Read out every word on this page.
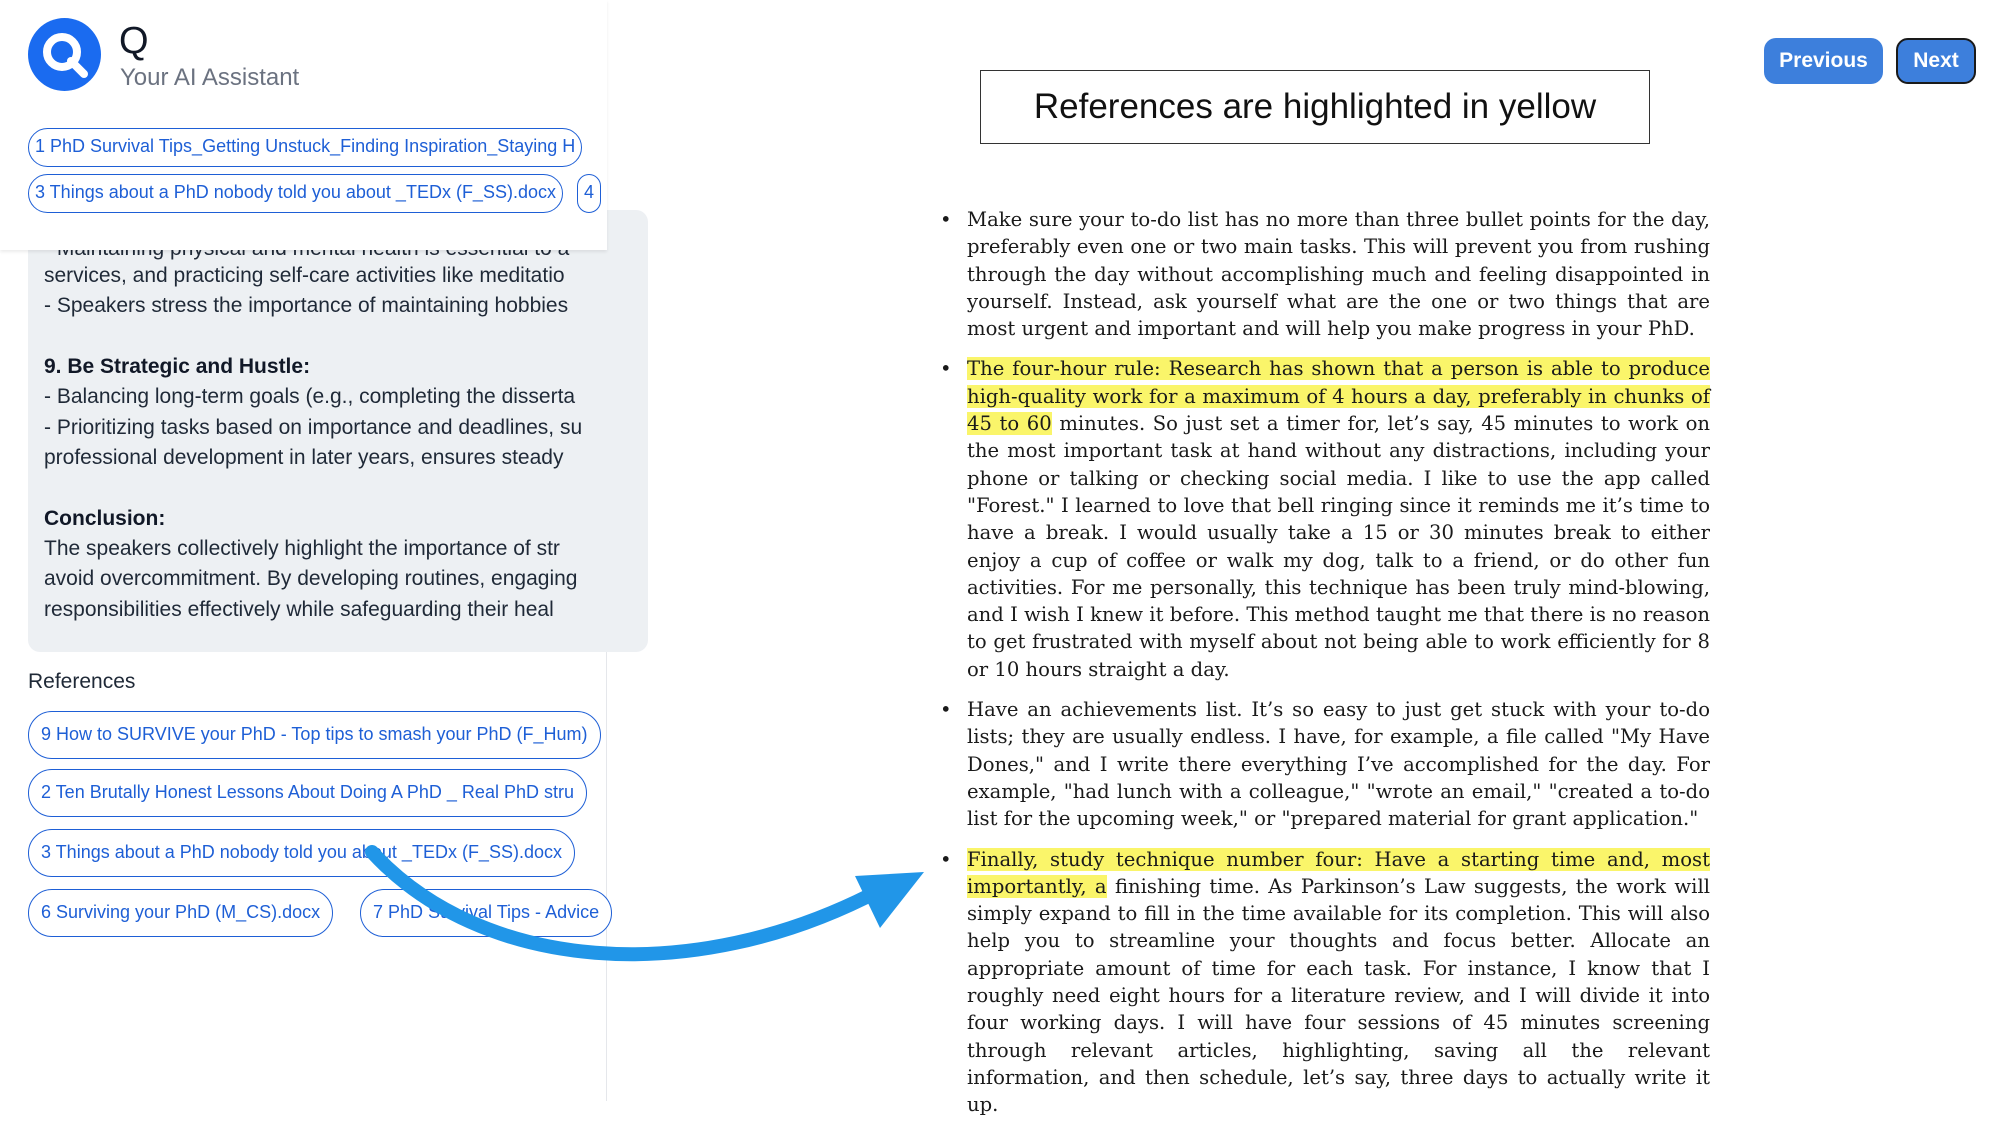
services, and practicing self-care activities like meditatio
- Speakers stress the importance of maintaining hobbies
9. Be Strategic and Hustle:
- Balancing long-term goals (e.g., completing the disserta
- Prioritizing tasks based on importance and deadlines, su
professional development in later years, ensures steady
Conclusion:
The speakers collectively highlight the importance of str
avoid overcommitment. By developing routines, engaging
responsibilities effectively while safeguarding their heal
Q
Your AI Assistant
1 PhD Survival Tips_Getting Unstuck_Finding Inspiration_Staying H
3 Things about a PhD nobody told you about _TEDx (F_SS).docx	4
References
9 How to SURVIVE your PhD - Top tips to smash your PhD (F_Hum)
2 Ten Brutally Honest Lessons About Doing A PhD _ Real PhD stru
3 Things about a PhD nobody told you about _TEDx (F_SS).docx
6 Surviving your PhD (M_CS).docx	7 PhD Survival Tips - Advice
Previous	Next
References are highlighted in yellow
• Make sure your to-do list has no more than three bullet points for the day, preferably even one or two main tasks. This will prevent you from rushing through the day without accomplishing much and feeling disappointed in yourself. Instead, ask yourself what are the one or two things that are most urgent and important and will help you make progress in your PhD.

• The four-hour rule: Research has shown that a person is able to produce high-quality work for a maximum of 4 hours a day, preferably in chunks of 45 to 60 minutes. So just set a timer for, let’s say, 45 minutes to work on the most important task at hand without any distractions, including your phone or talking or checking social media. I like to use the app called "Forest." I learned to love that bell ringing since it reminds me it’s time to have a break. I would usually take a 15 or 30 minutes break to either enjoy a cup of coffee or walk my dog, talk to a friend, or do other fun activities. For me personally, this technique has been truly mind-blowing, and I wish I knew it before. This method taught me that there is no reason to get frustrated with myself about not being able to work efficiently for 8 or 10 hours straight a day.

• Have an achievements list. It’s so easy to just get stuck with your to-do lists; they are usually endless. I have, for example, a file called "My Have Dones," and I write there everything I’ve accomplished for the day. For example, "had lunch with a colleague," "wrote an email," "created a to-do list for the upcoming week," or "prepared material for grant application."

• Finally, study technique number four: Have a starting time and, most importantly, a finishing time. As Parkinson’s Law suggests, the work will simply expand to fill in the time available for its completion. This will also help you to streamline your thoughts and focus better. Allocate an appropriate amount of time for each task. For instance, I know that I roughly need eight hours for a literature review, and I will divide it into four working days. I will have four sessions of 45 minutes screening through relevant articles, highlighting, saving all the relevant information, and then schedule, let’s say, three days to actually write it up.
